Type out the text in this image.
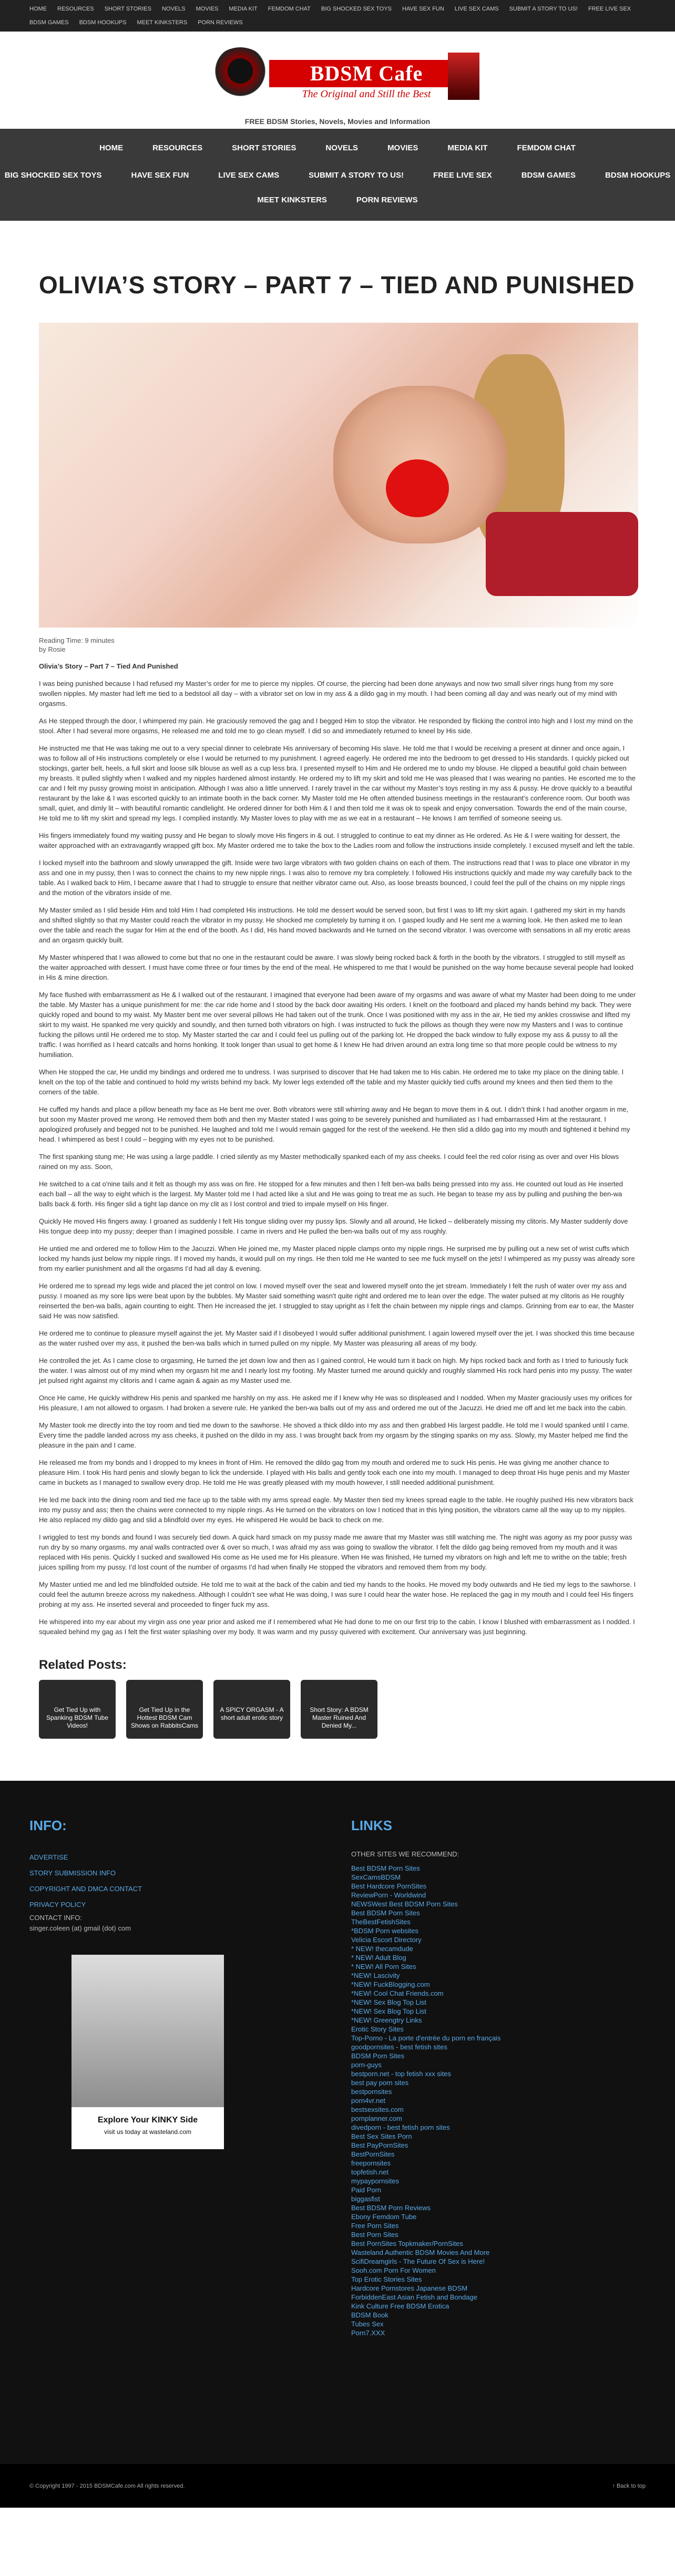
HOME RESOURCES SHORT STORIES NOVELS MOVIES MEDIA KIT FEMDOM CHAT BIG SHOCKED SEX TOYS HAVE SEX FUN LIVE SEX CAMS SUBMIT A STORY TO US! FREE LIVE SEX
BDSM GAMES BDSM HOOKUPS MEET KINKSTERS PORN REVIEWS
BDSM Cafe
The Original and Still the Best
FREE BDSM Stories, Novels, Movies and Information
HOME	RESOURCES	SHORT STORIES	NOVELS	MOVIES	MEDIA KIT	FEMDOM CHAT
BIG SHOCKED SEX TOYS	HAVE SEX FUN	LIVE SEX CAMS	SUBMIT A STORY TO US!	FREE LIVE SEX	BDSM GAMES	BDSM HOOKUPS
MEET KINKSTERS	PORN REVIEWS
OLIVIA’S STORY – PART 7 – TIED AND PUNISHED
Reading Time: 9 minutes
by Rosie

Olivia’s Story – Part 7 – Tied And Punished

I was being punished because I had refused my Master’s order for me to pierce my nipples. Of course, the piercing had been done anyways and now two small silver rings hung from my sore swollen nipples. My master had left me tied to a bedstool all day – with a vibrator set on low in my ass & a dildo gag in my mouth. I had been coming all day and was nearly out of my mind with orgasms.

As He stepped through the door, I whimpered my pain. He graciously removed the gag and I begged Him to stop the vibrator. He responded by flicking the control into high and I lost my mind on the stool. After I had several more orgasms, He released me and told me to go clean myself. I did so and immediately returned to kneel by His side.

He instructed me that He was taking me out to a very special dinner to celebrate His anniversary of becoming His slave. He told me that I would be receiving a present at dinner and once again, I was to follow all of His instructions completely or else I would be returned to my punishment. I agreed eagerly. He ordered me into the bedroom to get dressed to His standards. I quickly picked out stockings, garter belt, heels, a full skirt and loose silk blouse as well as a cup less bra. I presented myself to Him and He ordered me to undo my blouse. He clipped a beautiful gold chain between my breasts. It pulled slightly when I walked and my nipples hardened almost instantly. He ordered my to lift my skirt and told me He was pleased that I was wearing no panties. He escorted me to the car and I felt my pussy growing moist in anticipation. Although I was also a little unnerved. I rarely travel in the car without my Master’s toys resting in my ass & pussy. He drove quickly to a beautiful restaurant by the lake & I was escorted quickly to an intimate booth in the back corner. My Master told me He often attended business meetings in the restaurant’s conference room. Our booth was small, quiet, and dimly lit – with beautiful romantic candlelight. He ordered dinner for both Him & I and then told me it was ok to speak and enjoy conversation. Towards the end of the main course, He told me to lift my skirt and spread my legs. I complied instantly. My Master loves to play with me as we eat in a restaurant – He knows I am terrified of someone seeing us.

His fingers immediately found my waiting pussy and He began to slowly move His fingers in & out. I struggled to continue to eat my dinner as He ordered. As He & I were waiting for dessert, the waiter approached with an extravagantly wrapped gift box. My Master ordered me to take the box to the Ladies room and follow the instructions inside completely. I excused myself and left the table.

I locked myself into the bathroom and slowly unwrapped the gift. Inside were two large vibrators with two golden chains on each of them. The instructions read that I was to place one vibrator in my ass and one in my pussy, then I was to connect the chains to my new nipple rings. I was also to remove my bra completely. I followed His instructions quickly and made my way carefully back to the table. As I walked back to Him, I became aware that I had to struggle to ensure that neither vibrator came out. Also, as loose breasts bounced, I could feel the pull of the chains on my nipple rings and the motion of the vibrators inside of me.

My Master smiled as I slid beside Him and told Him I had completed His instructions. He told me dessert would be served soon, but first I was to lift my skirt again. I gathered my skirt in my hands and shifted slightly so that my Master could reach the vibrator in my pussy. He shocked me completely by turning it on. I gasped loudly and He sent me a warning look. He then asked me to lean over the table and reach the sugar for Him at the end of the booth. As I did, His hand moved backwards and He turned on the second vibrator. I was overcome with sensations in all my erotic areas and an orgasm quickly built.

My Master whispered that I was allowed to come but that no one in the restaurant could be aware. I was slowly being rocked back & forth in the booth by the vibrators. I struggled to still myself as the waiter approached with dessert. I must have come three or four times by the end of the meal. He whispered to me that I would be punished on the way home because several people had looked in His & mine direction.

My face flushed with embarrassment as He & I walked out of the restaurant. I imagined that everyone had been aware of my orgasms and was aware of what my Master had been doing to me under the table. My Master has a unique punishment for me: the car ride home and I stood by the back door awaiting His orders. I knelt on the footboard and placed my hands behind my back. They were quickly roped and bound to my waist. My Master bent me over several pillows He had taken out of the trunk. Once I was positioned with my ass in the air, He tied my ankles crosswise and lifted my skirt to my waist. He spanked me very quickly and soundly, and then turned both vibrators on high. I was instructed to fuck the pillows as though they were now my Masters and I was to continue fucking the pillows until He ordered me to stop. My Master started the car and I could feel us pulling out of the parking lot. He dropped the back window to fully expose my ass & pussy to all the traffic. I was horrified as I heard catcalls and horns honking. It took longer than usual to get home & I knew He had driven around an extra long time so that more people could be witness to my humiliation.

When He stopped the car, He undid my bindings and ordered me to undress. I was surprised to discover that He had taken me to His cabin. He ordered me to take my place on the dining table. I knelt on the top of the table and continued to hold my wrists behind my back. My lower legs extended off the table and my Master quickly tied cuffs around my knees and then tied them to the corners of the table.

He cuffed my hands and place a pillow beneath my face as He bent me over. Both vibrators were still whirring away and He began to move them in & out. I didn’t think I had another orgasm in me, but soon my Master proved me wrong. He removed them both and then my Master stated I was going to be severely punished and humiliated as I had embarrassed Him at the restaurant. I apologized profusely and begged not to be punished. He laughed and told me I would remain gagged for the rest of the weekend. He then slid a dildo gag into my mouth and tightened it behind my head. I whimpered as best I could – begging with my eyes not to be punished.

The first spanking stung me; He was using a large paddle. I cried silently as my Master methodically spanked each of my ass cheeks. I could feel the red color rising as over and over His blows rained on my ass. Soon,

He switched to a cat o'nine tails and it felt as though my ass was on fire. He stopped for a few minutes and then I felt ben-wa balls being pressed into my ass. He counted out loud as He inserted each ball – all the way to eight which is the largest. My Master told me I had acted like a slut and He was going to treat me as such. He began to tease my ass by pulling and pushing the ben-wa balls back & forth. His finger slid a tight lap dance on my clit as I lost control and tried to impale myself on His finger.

Quickly He moved His fingers away. I groaned as suddenly I felt His tongue sliding over my pussy lips. Slowly and all around, He licked – deliberately missing my clitoris. My Master suddenly dove His tongue deep into my pussy; deeper than I imagined possible. I came in rivers and He pulled the ben-wa balls out of my ass roughly.

He untied me and ordered me to follow Him to the Jacuzzi. When He joined me, my Master placed nipple clamps onto my nipple rings. He surprised me by pulling out a new set of wrist cuffs which locked my hands just below my nipple rings. If I moved my hands, it would pull on my rings. He then told me He wanted to see me fuck myself on the jets! I whimpered as my pussy was already sore from my earlier punishment and all the orgasms I’d had all day & evening.

He ordered me to spread my legs wide and placed the jet control on low. I moved myself over the seat and lowered myself onto the jet stream. Immediately I felt the rush of water over my ass and pussy. I moaned as my sore lips were beat upon by the bubbles. My Master said something wasn't quite right and ordered me to lean over the edge. The water pulsed at my clitoris as He roughly reinserted the ben-wa balls, again counting to eight. Then He increased the jet. I struggled to stay upright as I felt the chain between my nipple rings and clamps. Grinning from ear to ear, the Master said He was now satisfied.

He ordered me to continue to pleasure myself against the jet. My Master said if I disobeyed I would suffer additional punishment. I again lowered myself over the jet. I was shocked this time because as the water rushed over my ass, it pushed the ben-wa balls which in turned pulled on my nipple. My Master was pleasuring all areas of my body.

He controlled the jet. As I came close to orgasming, He turned the jet down low and then as I gained control, He would turn it back on high. My hips rocked back and forth as I tried to furiously fuck the water. I was almost out of my mind when my orgasm hit me and I nearly lost my footing. My Master turned me around quickly and roughly slammed His rock hard penis into my pussy. The water jet pulsed right against my clitoris and I came again & again as my Master used me.

Once He came, He quickly withdrew His penis and spanked me harshly on my ass. He asked me if I knew why He was so displeased and I nodded. When my Master graciously uses my orifices for His pleasure, I am not allowed to orgasm. I had broken a severe rule. He yanked the ben-wa balls out of my ass and ordered me out of the Jacuzzi. He dried me off and let me back into the cabin.

My Master took me directly into the toy room and tied me down to the sawhorse. He shoved a thick dildo into my ass and then grabbed His largest paddle. He told me I would spanked until I came. Every time the paddle landed across my ass cheeks, it pushed on the dildo in my ass. I was brought back from my orgasm by the stinging spanks on my ass. Slowly, my Master helped me find the pleasure in the pain and I came.

He released me from my bonds and I dropped to my knees in front of Him. He removed the dildo gag from my mouth and ordered me to suck His penis. He was giving me another chance to pleasure Him. I took His hard penis and slowly began to lick the underside. I played with His balls and gently took each one into my mouth. I managed to deep throat His huge penis and my Master came in buckets as I managed to swallow every drop. He told me He was greatly pleased with my mouth however, I still needed additional punishment.

He led me back into the dining room and tied me face up to the table with my arms spread eagle. My Master then tied my knees spread eagle to the table. He roughly pushed His new vibrators back into my pussy and ass; then the chains were connected to my nipple rings. As He turned on the vibrators on low I noticed that in this lying position, the vibrators came all the way up to my nipples. He also replaced my dildo gag and slid a blindfold over my eyes. He whispered He would be back to check on me.

I wriggled to test my bonds and found I was securely tied down. A quick hard smack on my pussy made me aware that my Master was still watching me. The night was agony as my poor pussy was run dry by so many orgasms. my anal walls contracted over & over so much, I was afraid my ass was going to swallow the vibrator. I felt the dildo gag being removed from my mouth and it was replaced with His penis. Quickly I sucked and swallowed His come as He used me for His pleasure. When He was finished, He turned my vibrators on high and left me to writhe on the table; fresh juices spilling from my pussy. I’d lost count of the number of orgasms I’d had when finally He stopped the vibrators and removed them from my body.

My Master untied me and led me blindfolded outside. He told me to wait at the back of the cabin and tied my hands to the hooks. He moved my body outwards and He tied my legs to the sawhorse. I could feel the autumn breeze across my nakedness. Although I couldn’t see what He was doing, I was sure I could hear the water hose. He replaced the gag in my mouth and I could feel His fingers probing at my ass. He inserted several and proceeded to finger fuck my ass.

He whispered into my ear about my virgin ass one year prior and asked me if I remembered what He had done to me on our first trip to the cabin. I know I blushed with embarrassment as I nodded. I squealed behind my gag as I felt the first water splashing over my body. It was warm and my pussy quivered with excitement. Our anniversary was just beginning.

Related Posts:
Get Tied Up with Spanking BDSM Tube Videos!
Get Tied Up in the Hottest BDSM Cam Shows on RabbitsCams
A SPICY ORGASM - A short adult erotic story
Short Story: A BDSM Master Ruined And Denied My...
INFO:
ADVERTISE
STORY SUBMISSION INFO
COPYRIGHT AND DMCA CONTACT
PRIVACY POLICY
CONTACT INFO:
singer.coleen (at) gmail (dot) com
Explore Your KINKY Side
visit us today at wasteland.com
LINKS
OTHER SITES WE RECOMMEND:
Best BDSM Porn Sites
SexCamsBDSM
Best Hardcore PornSites
ReviewPorn - Worldwind
NEWSWest Best BDSM Porn Sites
Best BDSM Porn Sites
TheBestFetishSites
*BDSM Porn websites
Velicia Escort Directory
* NEW! thecamdude
* NEW! Adult Blog
* NEW! All Porn Sites
*NEW! Lascivity
*NEW! FuckBlogging.com
*NEW! Cool Chat Friends.com
*NEW! Sex Blog Top List
*NEW! Sex Blog Top List
*NEW! Greengtry Links
Erotic Story Sites
Top-Porno - La porte d'entrée du porn en français
goodpornsites - best fetish sites
BDSM Porn Sites
porn-guys
bestporn.net - top fetish xxx sites
best pay porn sites
bestpornsites
porn4vr.net
bestsexsites.com
pornplanner.com
divedporn - best fetish porn sites
Best Sex Sites Porn
Best PayPornSites
BestPornSites
freepornsites
topfetish.net
mypaypornsites
Paid Porn
biggasfist
Best BDSM Porn Reviews
Ebony Femdom Tube
Free Porn Sites
Best Porn Sites
Best PornSites Topkmaker/PornSites
Wasteland Authentic BDSM Movies And More
ScifiDreamgirls - The Future Of Sex is Here!
Sooh.com Porn For Women
Top Erotic Stories Sites
Hardcore Pornstores Japanese BDSM
ForbiddenEast Asian Fetish and Bondage
Kink Culture Free BDSM Erotica
BDSM Book
Tubes Sex
Porn7.XXX
© Copyright 1997 - 2015 BDSMCafe.com All rights reserved.	↑ Back to top
